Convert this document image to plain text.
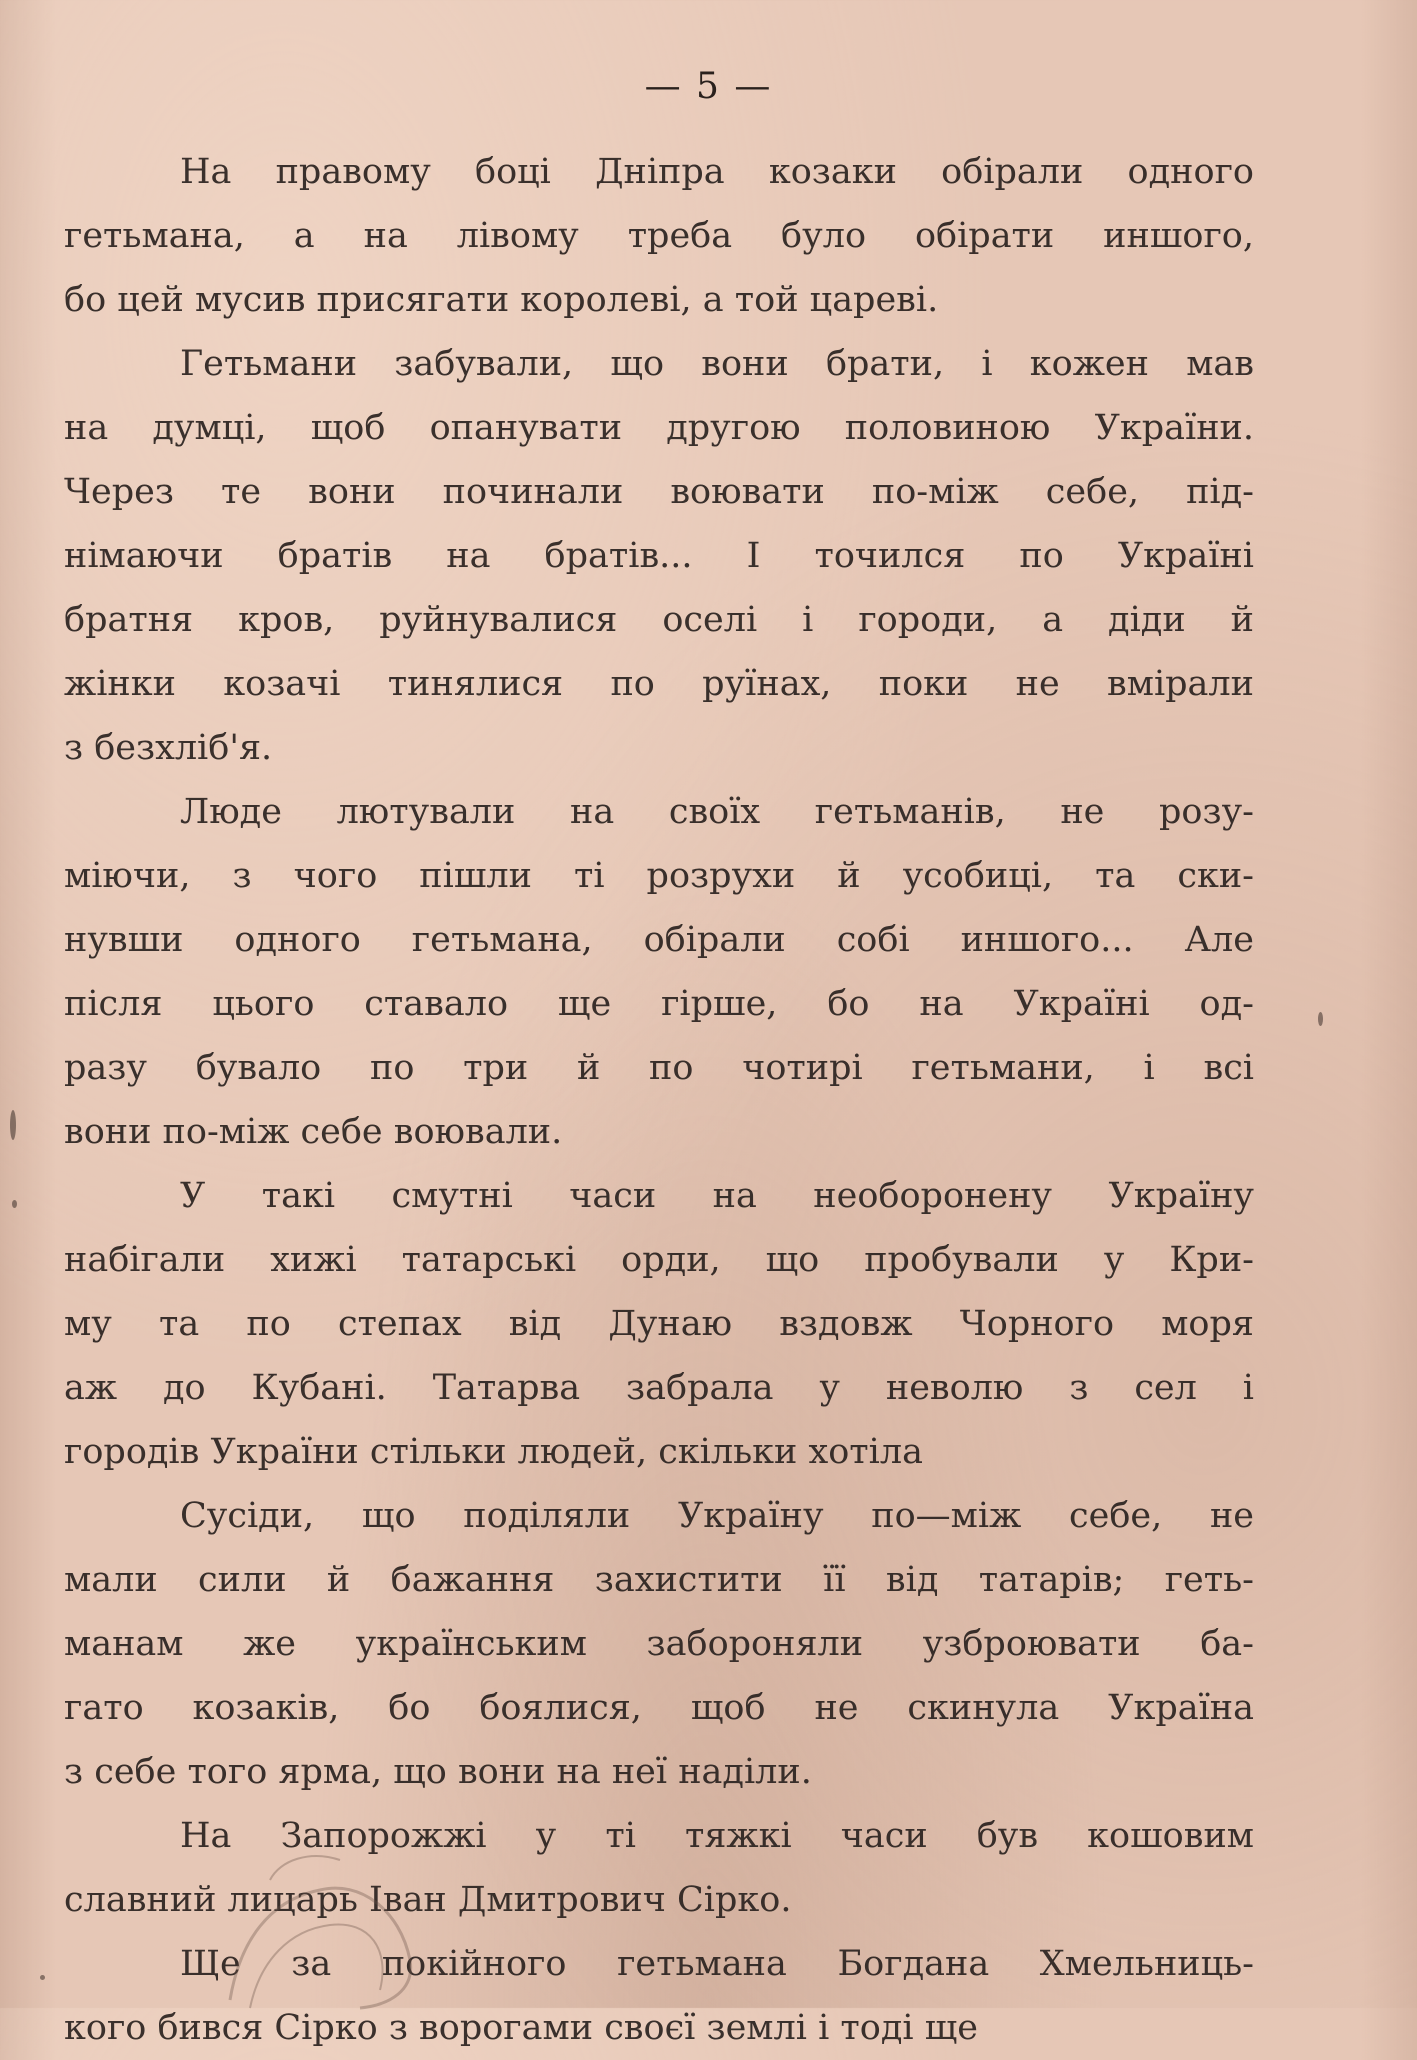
— 5 —
На правому боці Дніпра козаки обірали одного
гетьмана, а на лівому треба було обірати иншого,
бо цей мусив присягати королеві, а той цареві.
Гетьмани забували, що вони брати, і кожен мав
на думці, щоб опанувати другою половиною України.
Через те вони починали воювати по-між себе, під-
німаючи братів на братів... І точился по Україні
братня кров, руйнувалися оселі і городи, а діди й
жінки козачі тинялися по руїнах, поки не вмірали
з безхліб'я.
Люде лютували на своїх гетьманів, не розу-
міючи, з чого пішли ті розрухи й усобиці, та ски-
нувши одного гетьмана, обірали собі иншого... Але
після цього ставало ще гірше, бо на Україні од-
разу бувало по три й по чотирі гетьмани, і всі
вони по-між себе воювали.
У такі смутні часи на необоронену Україну
набігали хижі татарські орди, що пробували у Кри-
му та по степах від Дунаю вздовж Чорного моря
аж до Кубані. Татарва забрала у неволю з сел і
городів України стільки людей, скільки хотіла
Сусіди, що поділяли Україну по—між себе, не
мали сили й бажання захистити її від татарів; геть-
манам же українським забороняли узброювати ба-
гато козаків, бо боялися, щоб не скинула Україна
з себе того ярма, що вони на неї наділи.
На Запорожжі у ті тяжкі часи був кошовим
славний лицарь Іван Дмитрович Сірко.
Ще за покійного гетьмана Богдана Хмельниць-
кого бився Сірко з ворогами своєї землі і тоді ще
